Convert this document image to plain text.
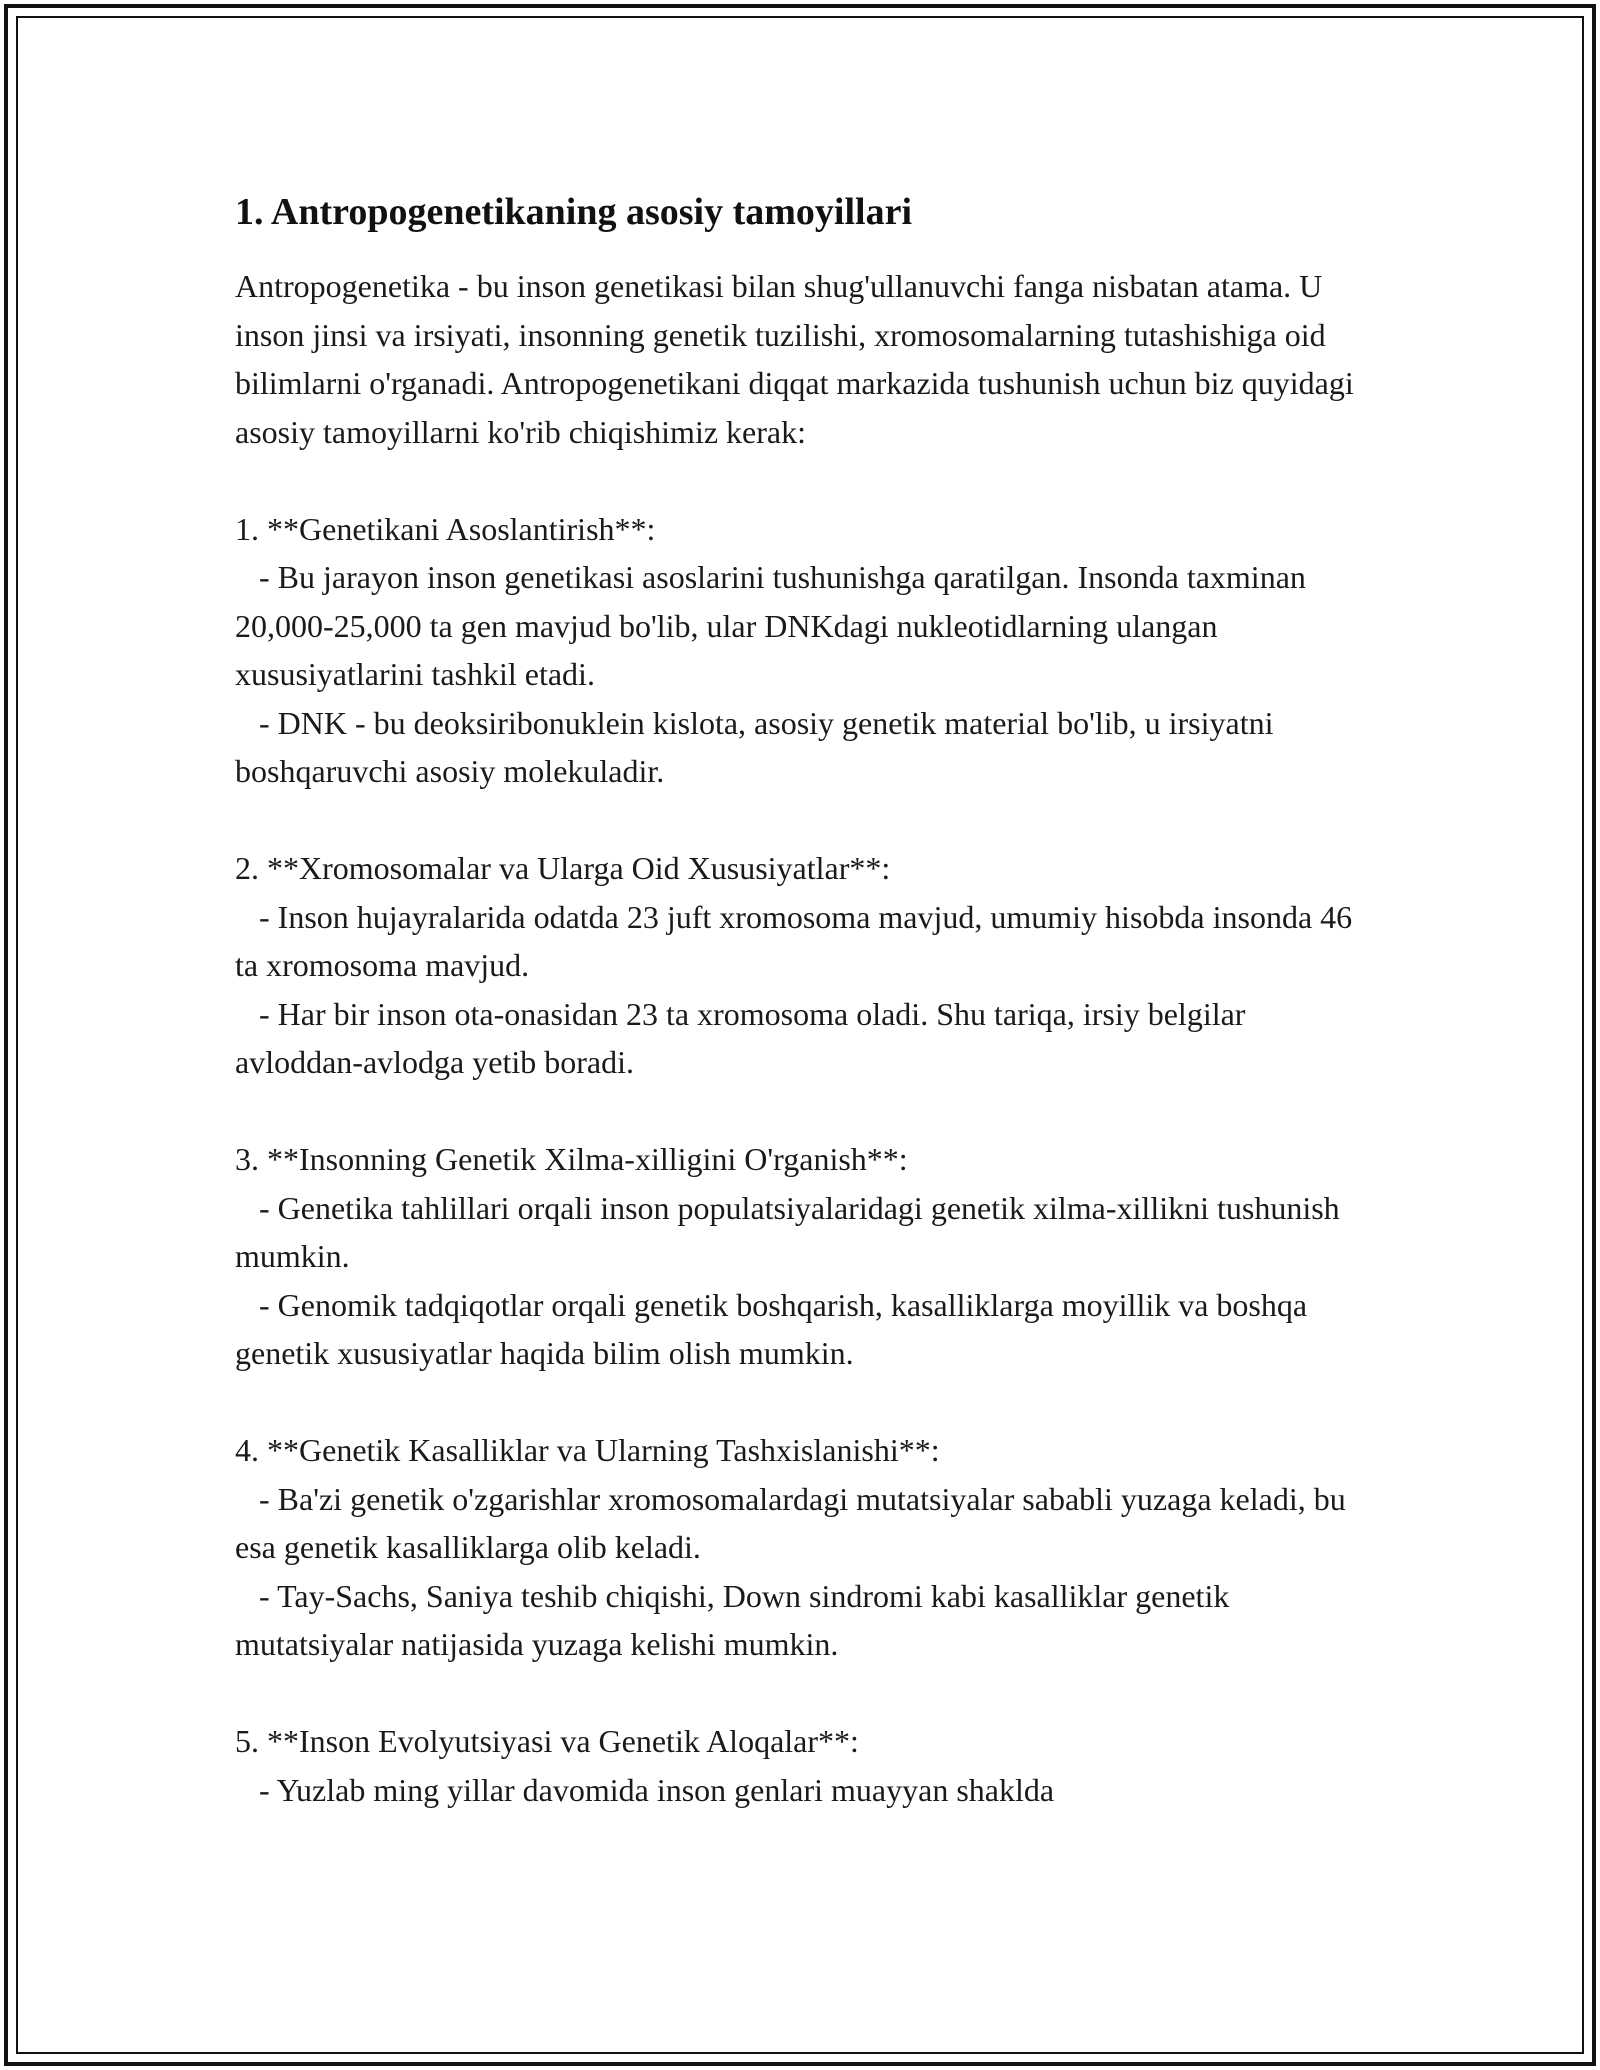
1. Antropogenetikaning asosiy tamoyillari

Antropogenetika - bu inson genetikasi bilan shug'ullanuvchi fanga nisbatan atama. U inson jinsi va irsiyati, insonning genetik tuzilishi, xromosomalarning tutashishiga oid bilimlarni o'rganadi. Antropogenetikani diqqat markazida tushunish uchun biz quyidagi asosiy tamoyillarni ko'rib chiqishimiz kerak:

1. **Genetikani Asoslantirish**:

- Bu jarayon inson genetikasi asoslarini tushunishga qaratilgan. Insonda taxminan 20,000-25,000 ta gen mavjud bo'lib, ular DNKdagi nukleotidlarning ulangan xususiyatlarini tashkil etadi.

- DNK - bu deoksiribonuklein kislota, asosiy genetik material bo'lib, u irsiyatni boshqaruvchi asosiy molekuladir.

2. **Xromosomalar va Ularga Oid Xususiyatlar**:

- Inson hujayralarida odatda 23 juft xromosoma mavjud, umumiy hisobda insonda 46 ta xromosoma mavjud.

- Har bir inson ota-onasidan 23 ta xromosoma oladi. Shu tariqa, irsiy belgilar avloddan-avlodga yetib boradi.

3. **Insonning Genetik Xilma-xilligini O'rganish**:

- Genetika tahlillari orqali inson populatsiyalaridagi genetik xilma-xillikni tushunish mumkin.

- Genomik tadqiqotlar orqali genetik boshqarish, kasalliklarga moyillik va boshqa genetik xususiyatlar haqida bilim olish mumkin.

4. **Genetik Kasalliklar va Ularning Tashxislanishi**:

- Ba'zi genetik o'zgarishlar xromosomalardagi mutatsiyalar sababli yuzaga keladi, bu esa genetik kasalliklarga olib keladi.

- Tay-Sachs, Saniya teshib chiqishi, Down sindromi kabi kasalliklar genetik mutatsiyalar natijasida yuzaga kelishi mumkin.

5. **Inson Evolyutsiyasi va Genetik Aloqalar**:

- Yuzlab ming yillar davomida inson genlari muayyan shaklda
